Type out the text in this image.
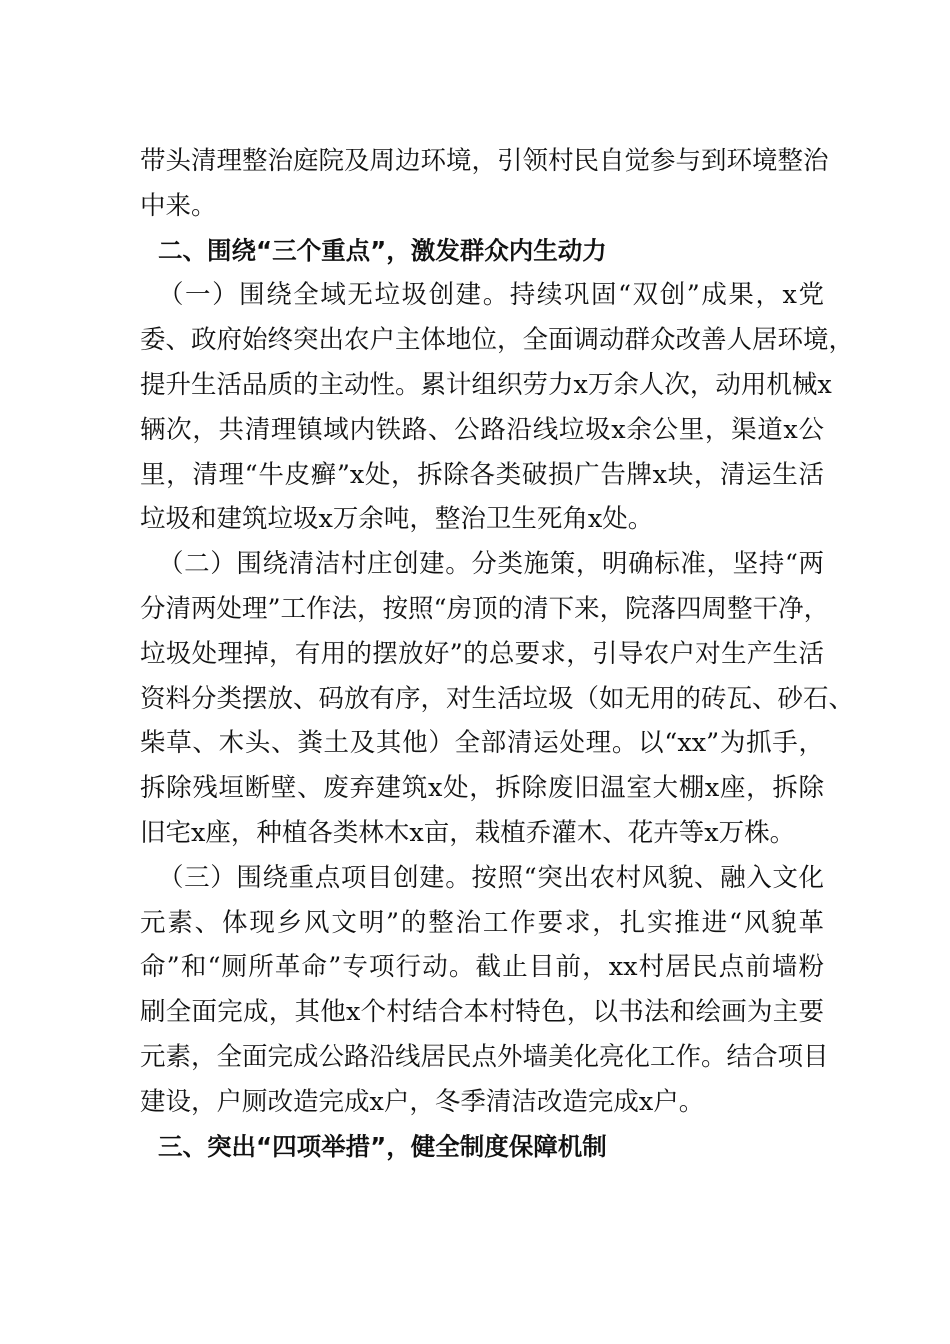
带头清理整治庭院及周边环境，引领村民自觉参与到环境整治
中来。
二、围绕“三个重点”，激发群众内生动力
（一）围绕全域无垃圾创建。持续巩固“双创”成果，x党
委、政府始终突出农户主体地位，全面调动群众改善人居环境，
提升生活品质的主动性。累计组织劳力x万余人次，动用机械x
辆次，共清理镇域内铁路、公路沿线垃圾x余公里，渠道x公
里，清理“牛皮癣”x处，拆除各类破损广告牌x块，清运生活
垃圾和建筑垃圾x万余吨，整治卫生死角x处。
（二）围绕清洁村庄创建。分类施策，明确标准，坚持“两
分清两处理”工作法，按照“房顶的清下来，院落四周整干净，
垃圾处理掉，有用的摆放好”的总要求，引导农户对生产生活
资料分类摆放、码放有序，对生活垃圾（如无用的砖瓦、砂石、
柴草、木头、粪土及其他）全部清运处理。以“xx”为抓手，
拆除残垣断壁、废弃建筑x处，拆除废旧温室大棚x座，拆除
旧宅x座，种植各类林木x亩，栽植乔灌木、花卉等x万株。
（三）围绕重点项目创建。按照“突出农村风貌、融入文化
元素、体现乡风文明”的整治工作要求，扎实推进“风貌革
命”和“厕所革命”专项行动。截止目前，xx村居民点前墙粉
刷全面完成，其他x个村结合本村特色，以书法和绘画为主要
元素，全面完成公路沿线居民点外墙美化亮化工作。结合项目
建设，户厕改造完成x户，冬季清洁改造完成x户。
三、突出“四项举措”，健全制度保障机制
